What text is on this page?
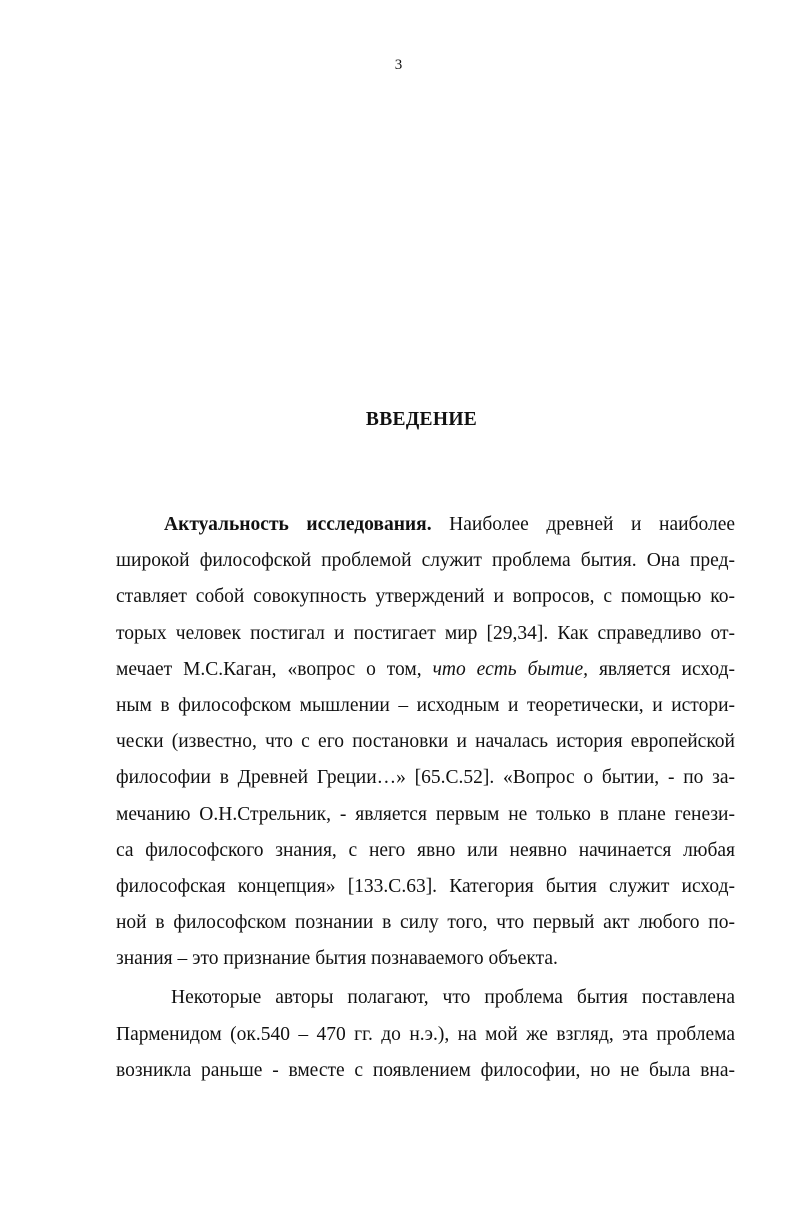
3
ВВЕДЕНИЕ
Актуальность исследования. Наиболее древней и наиболее
широкой философской проблемой служит проблема бытия. Она пред-
ставляет собой совокупность утверждений и вопросов, с помощью ко-
торых человек постигал и постигает мир [29,34]. Как справедливо от-
мечает М.С.Каган, «вопрос о том, что есть бытие, является исход-
ным в философском мышлении – исходным и теоретически, и истори-
чески (известно, что с его постановки и началась история европейской
философии в Древней Греции…» [65.С.52]. «Вопрос о бытии, - по за-
мечанию О.Н.Стрельник, - является первым не только в плане генези-
са философского знания, с него явно или неявно начинается любая
философская концепция» [133.С.63]. Категория бытия служит исход-
ной в философском познании в силу того, что первый акт любого по-
знания – это признание бытия познаваемого объекта.
Некоторые авторы полагают, что проблема бытия поставлена
Парменидом (ок.540 – 470 гг. до н.э.), на мой же взгляд, эта проблема
возникла раньше - вместе с появлением философии, но не была вна-
